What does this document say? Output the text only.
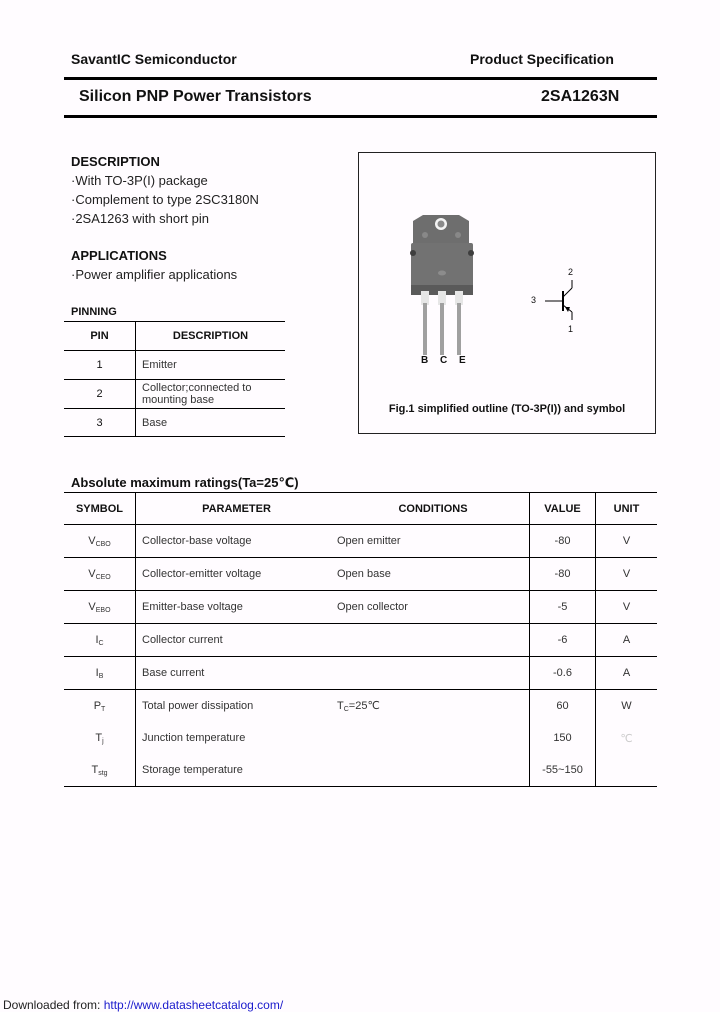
SavantIC Semiconductor	Product Specification
Silicon PNP Power Transistors	2SA1263N
DESCRIPTION
·With TO-3P(I) package
·Complement to type 2SC3180N
·2SA1263 with short pin
APPLICATIONS
·Power amplifier applications
PINNING
PIN	DESCRIPTION
1	Emitter
2	Collector;connected to mounting base
3	Base
B C E
2
3
1
Fig.1 simplified outline (TO-3P(I)) and symbol
Absolute maximum ratings(Ta=25℃)
SYMBOL	PARAMETER	CONDITIONS	VALUE	UNIT
$V_{CBO}$	Collector-base voltage	Open emitter	-80	V
$V_{CEO}$	Collector-emitter voltage	Open base	-80	V
$V_{EBO}$	Emitter-base voltage	Open collector	-5	V
$I_C$	Collector current		-6	A
$I_B$	Base current		-0.6	A
$P_T$	Total power dissipation	$T_C=25℃$	60	W
$T_j$	Junction temperature		150	℃
$T_{stg}$	Storage temperature		-55~150	
Downloaded from: http://www.datasheetcatalog.com/
